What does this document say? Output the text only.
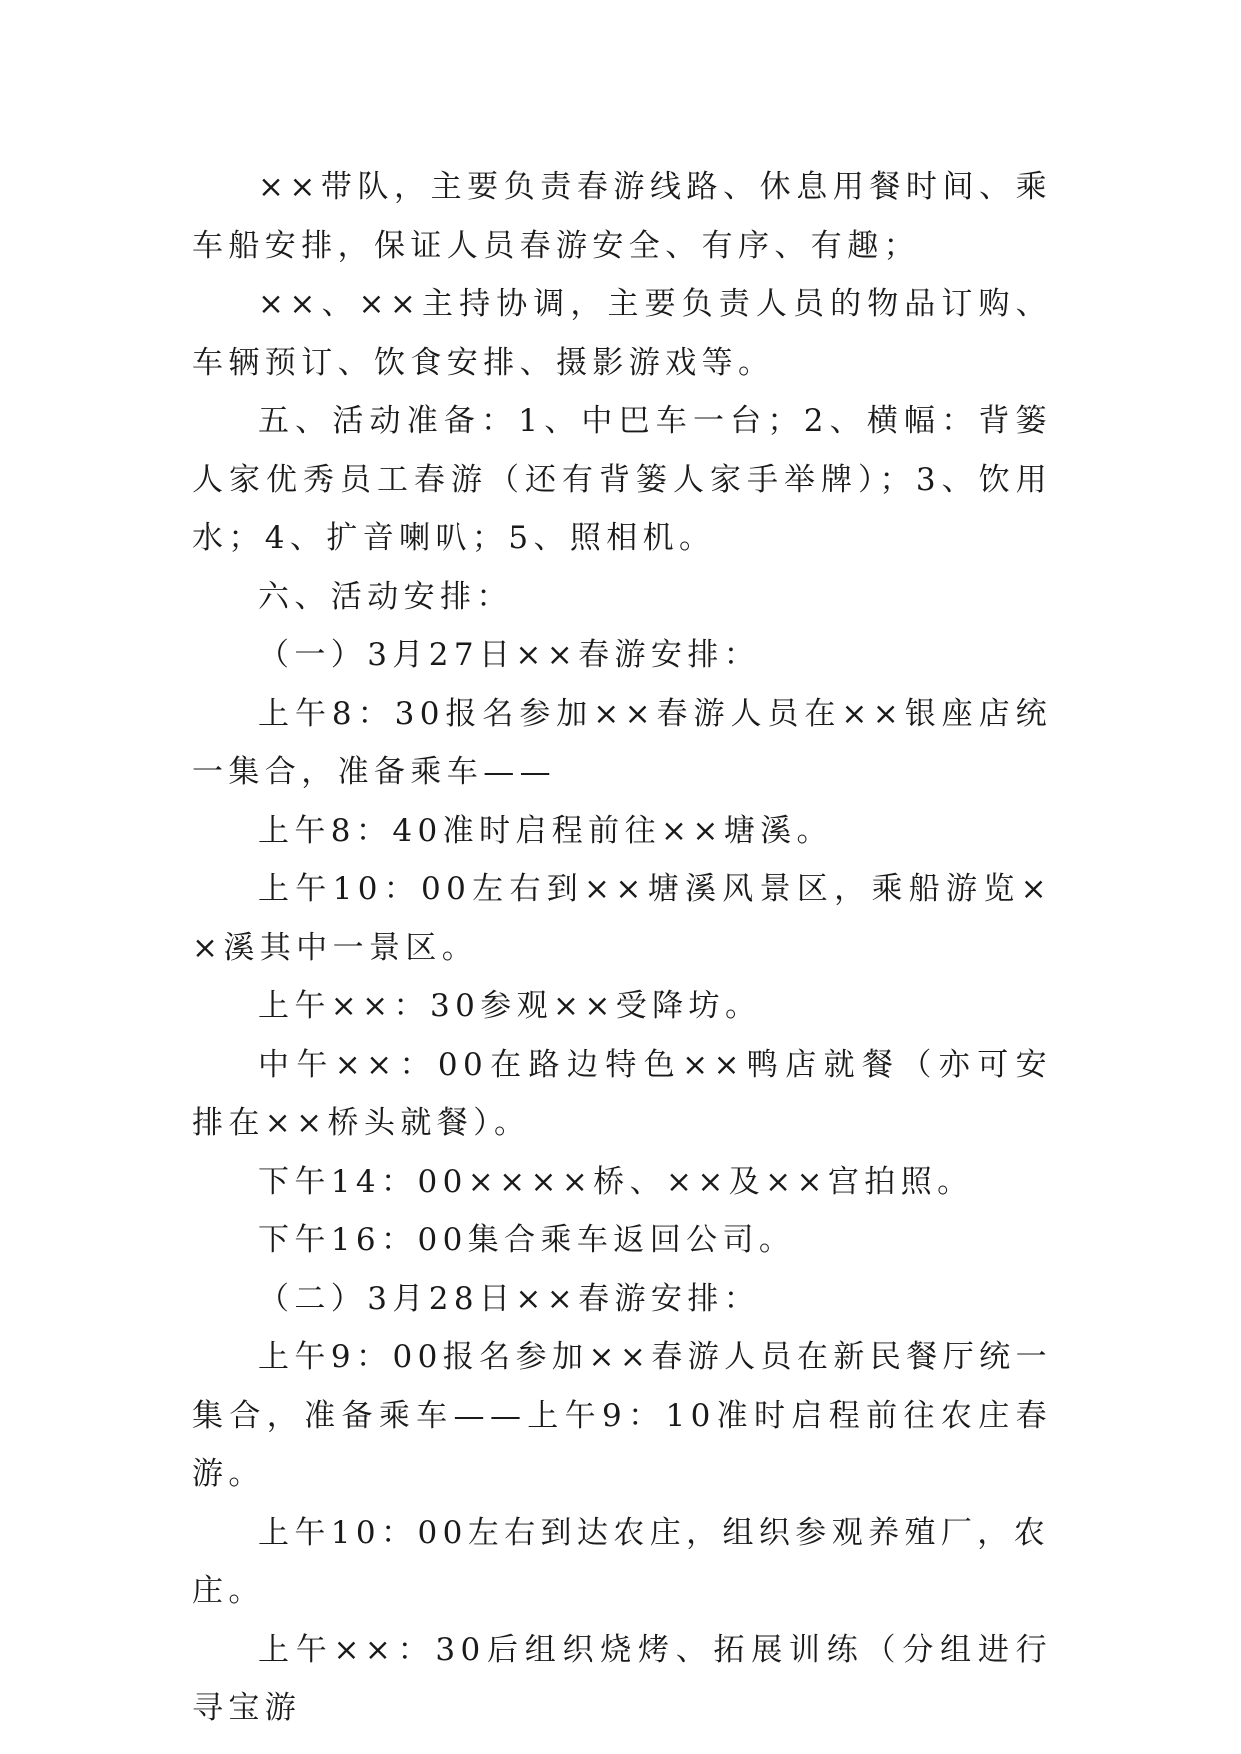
××带队，主要负责春游线路、休息用餐时间、乘车船安排，保证人员春游安全、有序、有趣；

××、××主持协调，主要负责人员的物品订购、车辆预订、饮食安排、摄影游戏等。

五、活动准备：1、中巴车一台；2、横幅：背篓人家优秀员工春游（还有背篓人家手举牌）；3、饮用水；4、扩音喇叭；5、照相机。

六、活动安排：

（一）3月27日××春游安排：

上午8：30报名参加××春游人员在××银座店统一集合，准备乘车——

上午8：40准时启程前往××塘溪。

上午10：00左右到××塘溪风景区，乘船游览××溪其中一景区。

上午××：30参观××受降坊。

中午××：00在路边特色××鸭店就餐（亦可安排在××桥头就餐）。

下午14：00××××桥、××及××宫拍照。

下午16：00集合乘车返回公司。

（二）3月28日××春游安排：

上午9：00报名参加××春游人员在新民餐厅统一集合，准备乘车——上午9：10准时启程前往农庄春游。

上午10：00左右到达农庄，组织参观养殖厂，农庄。

上午××：30后组织烧烤、拓展训练（分组进行寻宝游
